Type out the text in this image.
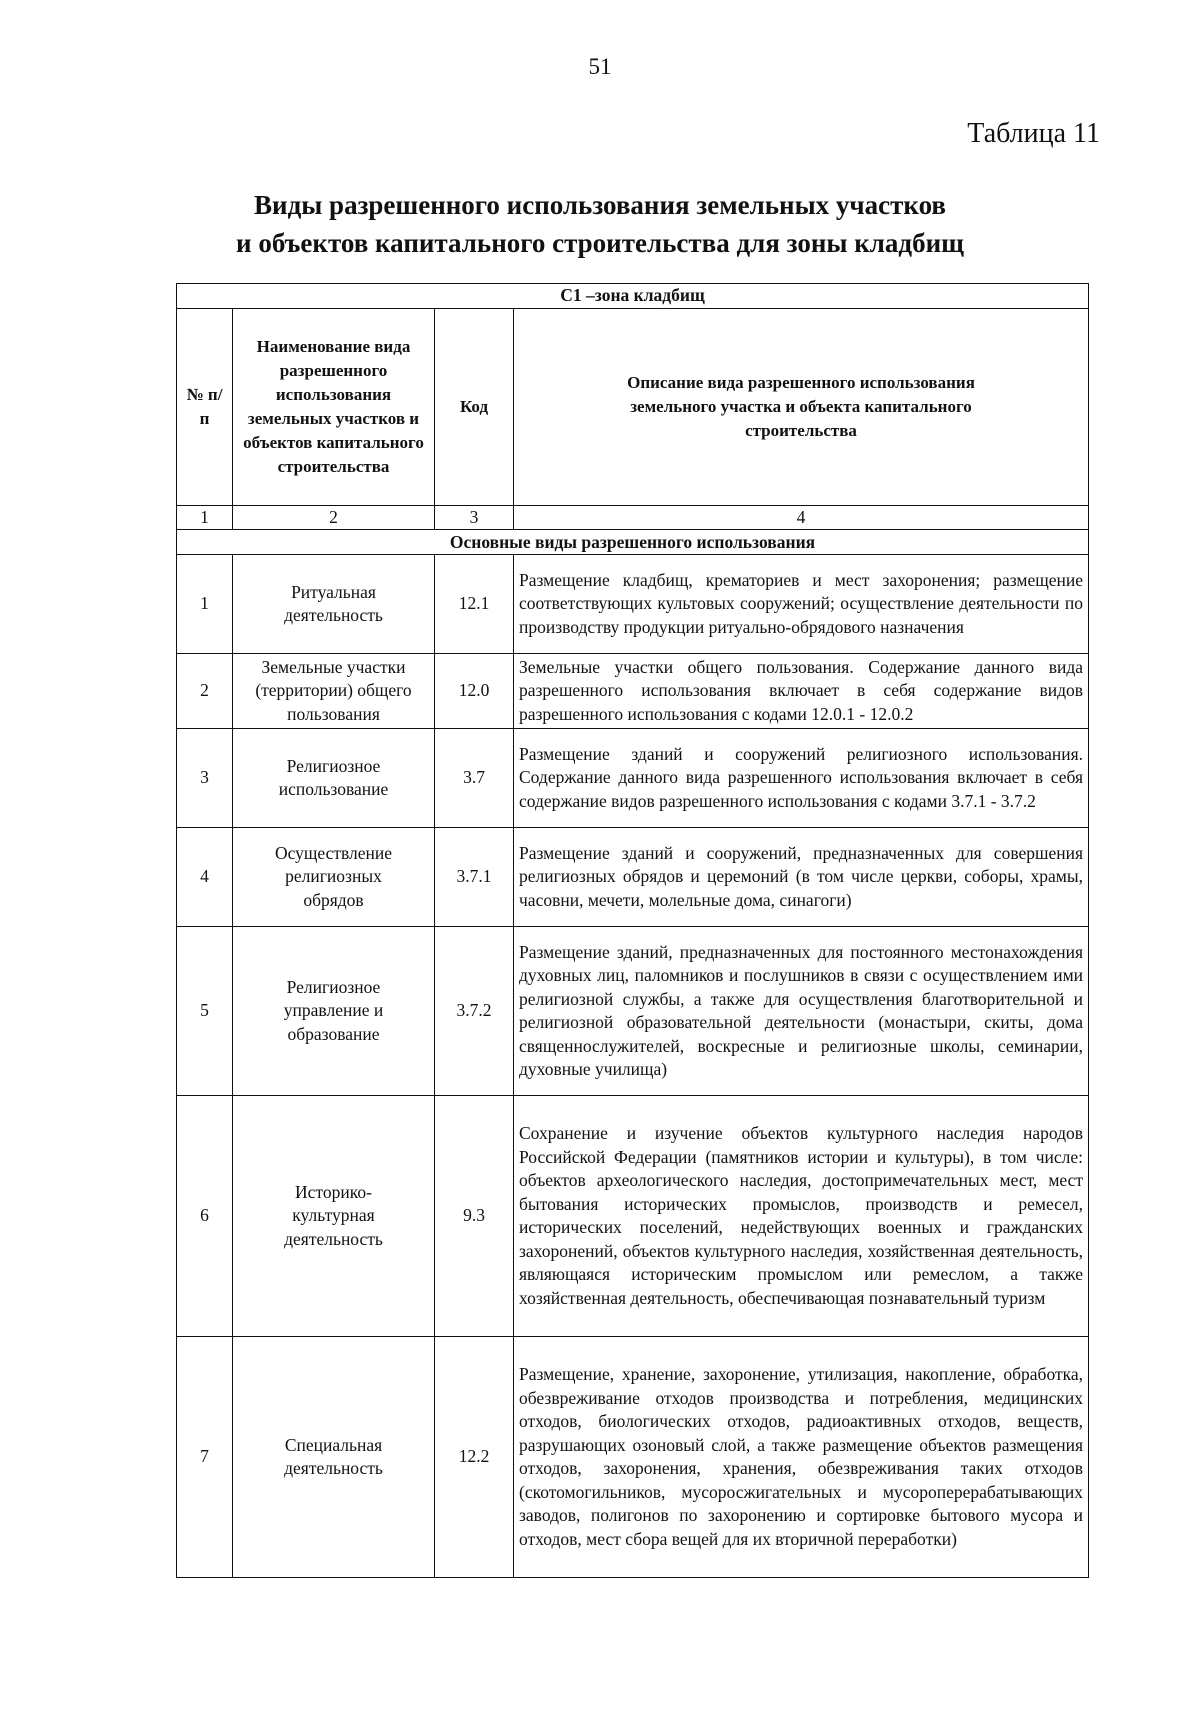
51
Таблица 11
Виды разрешенного использования земельных участков
и объектов капитального строительства для зоны кладбищ
С1 –зона кладбищ			
№ п/п	Наименование вида разрешенного использования земельных участков и объектов капитального строительства	Код	Описание вида разрешенного использования земельного участка и объекта капитального строительства
1	2	3	4
Основные виды разрешенного использования			
1	Ритуальная деятельность	12.1	Размещение кладбищ, крематориев и мест захоронения; размещение соответствующих культовых сооружений; осуществление деятельности по производству продукции ритуально-обрядового назначения
2	Земельные участки (территории) общего пользования	12.0	Земельные участки общего пользования. Содержание данного вида разрешенного использования включает в себя содержание видов разрешенного использования с кодами 12.0.1 - 12.0.2
3	Религиозное использование	3.7	Размещение зданий и сооружений религиозного использования. Содержание данного вида разрешенного использования включает в себя содержание видов разрешенного использования с кодами 3.7.1 - 3.7.2
4	Осуществление религиозных обрядов	3.7.1	Размещение зданий и сооружений, предназначенных для совершения религиозных обрядов и церемоний (в том числе церкви, соборы, храмы, часовни, мечети, молельные дома, синагоги)
5	Религиозное управление и образование	3.7.2	Размещение зданий, предназначенных для постоянного местонахождения духовных лиц, паломников и послушников в связи с осуществлением ими религиозной службы, а также для осуществления благотворительной и религиозной образовательной деятельности (монастыри, скиты, дома священнослужителей, воскресные и религиозные школы, семинарии, духовные училища)
6	Историко-культурная деятельность	9.3	Сохранение и изучение объектов культурного наследия народов Российской Федерации (памятников истории и культуры), в том числе: объектов археологического наследия, достопримечательных мест, мест бытования исторических промыслов, производств и ремесел, исторических поселений, недействующих военных и гражданских захоронений, объектов культурного наследия, хозяйственная деятельность, являющаяся историческим промыслом или ремеслом, а также хозяйственная деятельность, обеспечивающая познавательный туризм
7	Специальная деятельность	12.2	Размещение, хранение, захоронение, утилизация, накопление, обработка, обезвреживание отходов производства и потребления, медицинских отходов, биологических отходов, радиоактивных отходов, веществ, разрушающих озоновый слой, а также размещение объектов размещения отходов, захоронения, хранения, обезвреживания таких отходов (скотомогильников, мусоросжигательных и мусороперерабатывающих заводов, полигонов по захоронению и сортировке бытового мусора и отходов, мест сбора вещей для их вторичной переработки)
